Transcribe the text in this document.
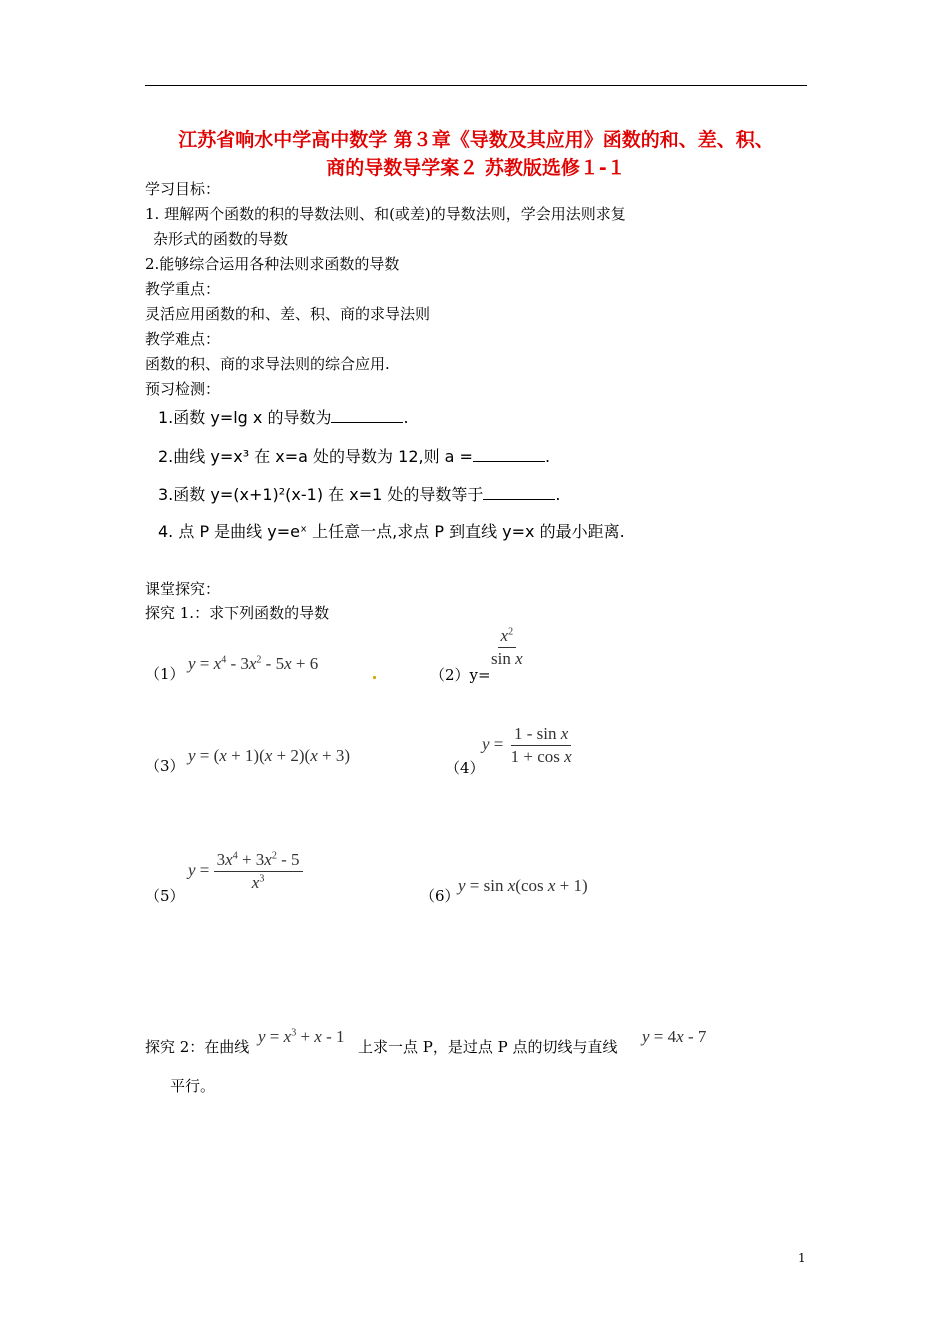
江苏省响水中学高中数学 第３章《导数及其应用》函数的和、差、积、
商的导数导学案２ 苏教版选修１-１
学习目标：
1. 理解两个函数的积的导数法则、和(或差)的导数法则，学会用法则求复
杂形式的函数的导数
2.能够综合运用各种法则求函数的导数
教学重点：
灵活应用函数的和、差、积、商的求导法则
教学难点：
函数的积、商的求导法则的综合应用.
预习检测：
1.函数 y=lg x 的导数为	.
2.曲线 y=x³ 在 x=a 处的导数为 12,则 a =	.
3.函数 y=(x+1)²(x-1) 在 x=1 处的导数等于	.
4. 点 P 是曲线 y=eˣ 上任意一点,求点 P 到直线 y=x 的最小距离.
课堂探究：
探究 1.：求下列函数的导数
（1）
$y = x^4 - 3x^2 - 5x + 6$
（2）y=
$\frac{x^2}{\text{sin x}}$
（3）
y = (x + 1)(x + 2)(x + 3)
（4）
$y = \frac{\text{1 - sin x}}{\text{1 + cos x}}$
（5）
$y = \frac{3x^4 + 3x^2 - 5}{x^3}$
（6）
y = sin x(cos x + 1)
探究 2：在曲线
$y = x^3 + x - 1$
上求一点 P，是过点 P 点的切线与直线
y = 4x - 7
平行。
1
